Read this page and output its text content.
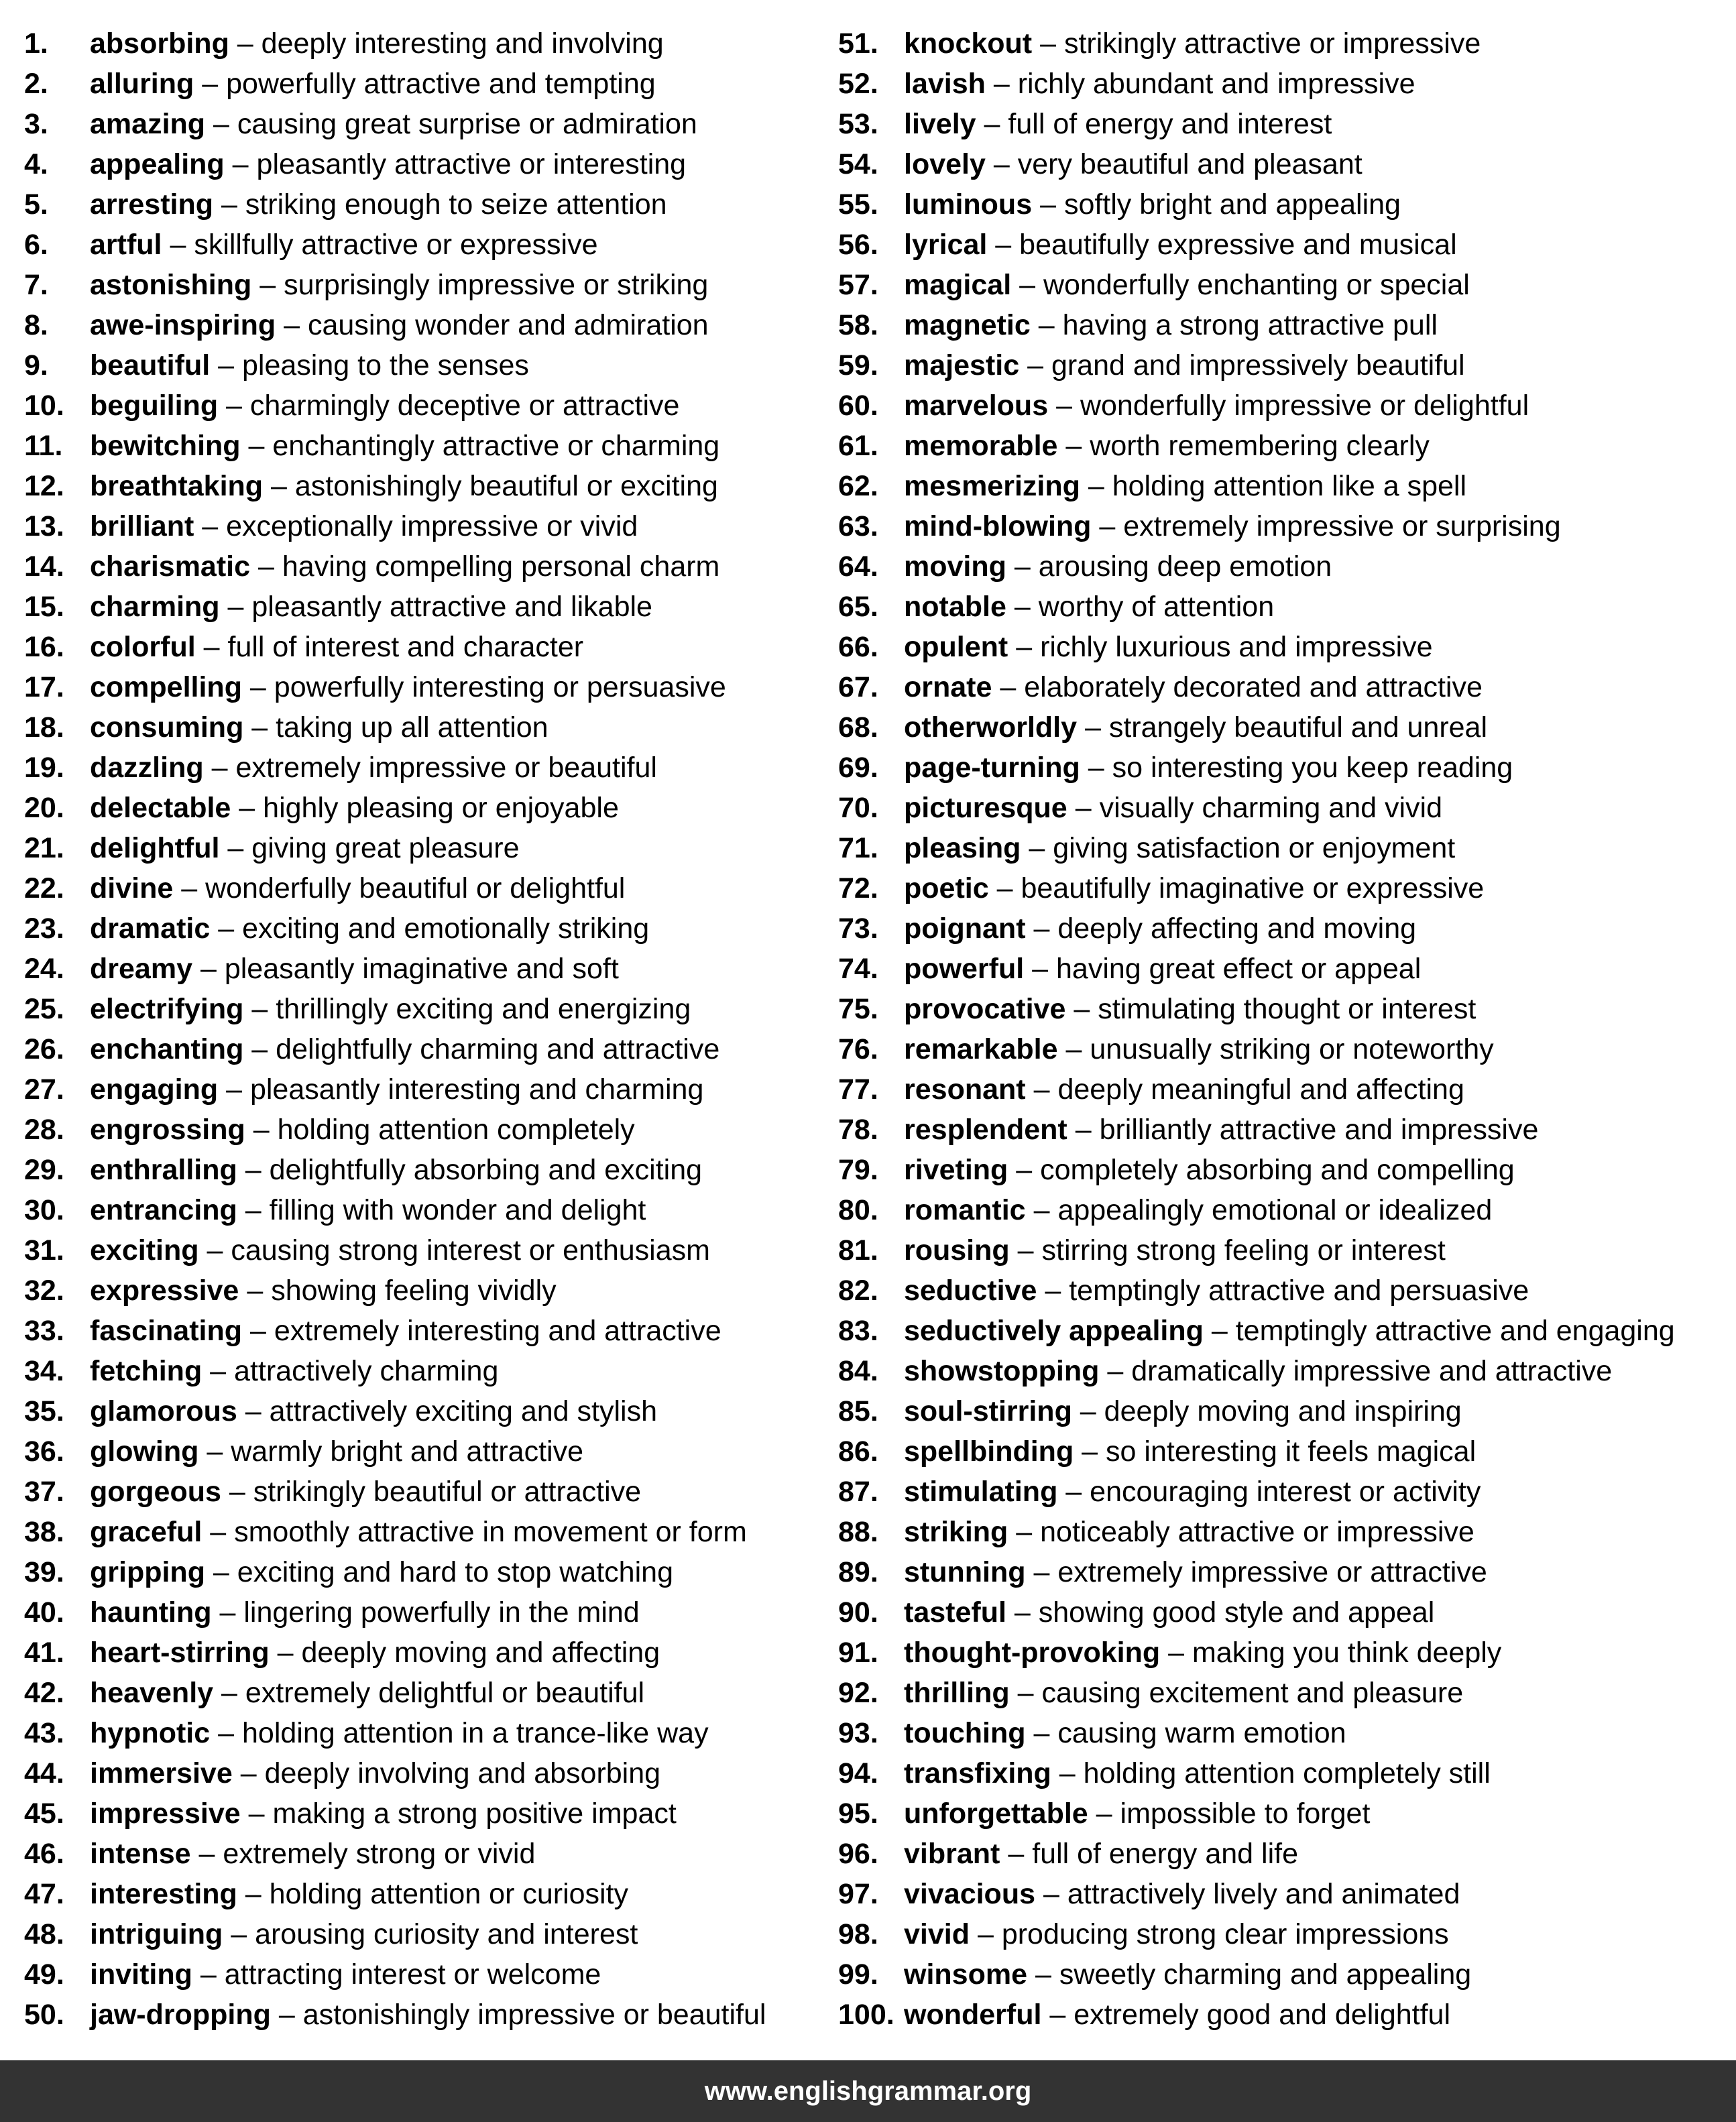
1. absorbing – deeply interesting and involving
2. alluring – powerfully attractive and tempting
3. amazing – causing great surprise or admiration
4. appealing – pleasantly attractive or interesting
5. arresting – striking enough to seize attention
6. artful – skillfully attractive or expressive
7. astonishing – surprisingly impressive or striking
8. awe-inspiring – causing wonder and admiration
9. beautiful – pleasing to the senses
10. beguiling – charmingly deceptive or attractive
11. bewitching – enchantingly attractive or charming
12. breathtaking – astonishingly beautiful or exciting
13. brilliant – exceptionally impressive or vivid
14. charismatic – having compelling personal charm
15. charming – pleasantly attractive and likable
16. colorful – full of interest and character
17. compelling – powerfully interesting or persuasive
18. consuming – taking up all attention
19. dazzling – extremely impressive or beautiful
20. delectable – highly pleasing or enjoyable
21. delightful – giving great pleasure
22. divine – wonderfully beautiful or delightful
23. dramatic – exciting and emotionally striking
24. dreamy – pleasantly imaginative and soft
25. electrifying – thrillingly exciting and energizing
26. enchanting – delightfully charming and attractive
27. engaging – pleasantly interesting and charming
28. engrossing – holding attention completely
29. enthralling – delightfully absorbing and exciting
30. entrancing – filling with wonder and delight
31. exciting – causing strong interest or enthusiasm
32. expressive – showing feeling vividly
33. fascinating – extremely interesting and attractive
34. fetching – attractively charming
35. glamorous – attractively exciting and stylish
36. glowing – warmly bright and attractive
37. gorgeous – strikingly beautiful or attractive
38. graceful – smoothly attractive in movement or form
39. gripping – exciting and hard to stop watching
40. haunting – lingering powerfully in the mind
41. heart-stirring – deeply moving and affecting
42. heavenly – extremely delightful or beautiful
43. hypnotic – holding attention in a trance-like way
44. immersive – deeply involving and absorbing
45. impressive – making a strong positive impact
46. intense – extremely strong or vivid
47. interesting – holding attention or curiosity
48. intriguing – arousing curiosity and interest
49. inviting – attracting interest or welcome
50. jaw-dropping – astonishingly impressive or beautiful
51. knockout – strikingly attractive or impressive
52. lavish – richly abundant and impressive
53. lively – full of energy and interest
54. lovely – very beautiful and pleasant
55. luminous – softly bright and appealing
56. lyrical – beautifully expressive and musical
57. magical – wonderfully enchanting or special
58. magnetic – having a strong attractive pull
59. majestic – grand and impressively beautiful
60. marvelous – wonderfully impressive or delightful
61. memorable – worth remembering clearly
62. mesmerizing – holding attention like a spell
63. mind-blowing – extremely impressive or surprising
64. moving – arousing deep emotion
65. notable – worthy of attention
66. opulent – richly luxurious and impressive
67. ornate – elaborately decorated and attractive
68. otherworldly – strangely beautiful and unreal
69. page-turning – so interesting you keep reading
70. picturesque – visually charming and vivid
71. pleasing – giving satisfaction or enjoyment
72. poetic – beautifully imaginative or expressive
73. poignant – deeply affecting and moving
74. powerful – having great effect or appeal
75. provocative – stimulating thought or interest
76. remarkable – unusually striking or noteworthy
77. resonant – deeply meaningful and affecting
78. resplendent – brilliantly attractive and impressive
79. riveting – completely absorbing and compelling
80. romantic – appealingly emotional or idealized
81. rousing – stirring strong feeling or interest
82. seductive – temptingly attractive and persuasive
83. seductively appealing – temptingly attractive and engaging
84. showstopping – dramatically impressive and attractive
85. soul-stirring – deeply moving and inspiring
86. spellbinding – so interesting it feels magical
87. stimulating – encouraging interest or activity
88. striking – noticeably attractive or impressive
89. stunning – extremely impressive or attractive
90. tasteful – showing good style and appeal
91. thought-provoking – making you think deeply
92. thrilling – causing excitement and pleasure
93. touching – causing warm emotion
94. transfixing – holding attention completely still
95. unforgettable – impossible to forget
96. vibrant – full of energy and life
97. vivacious – attractively lively and animated
98. vivid – producing strong clear impressions
99. winsome – sweetly charming and appealing
100. wonderful – extremely good and delightful
www.englishgrammar.org
